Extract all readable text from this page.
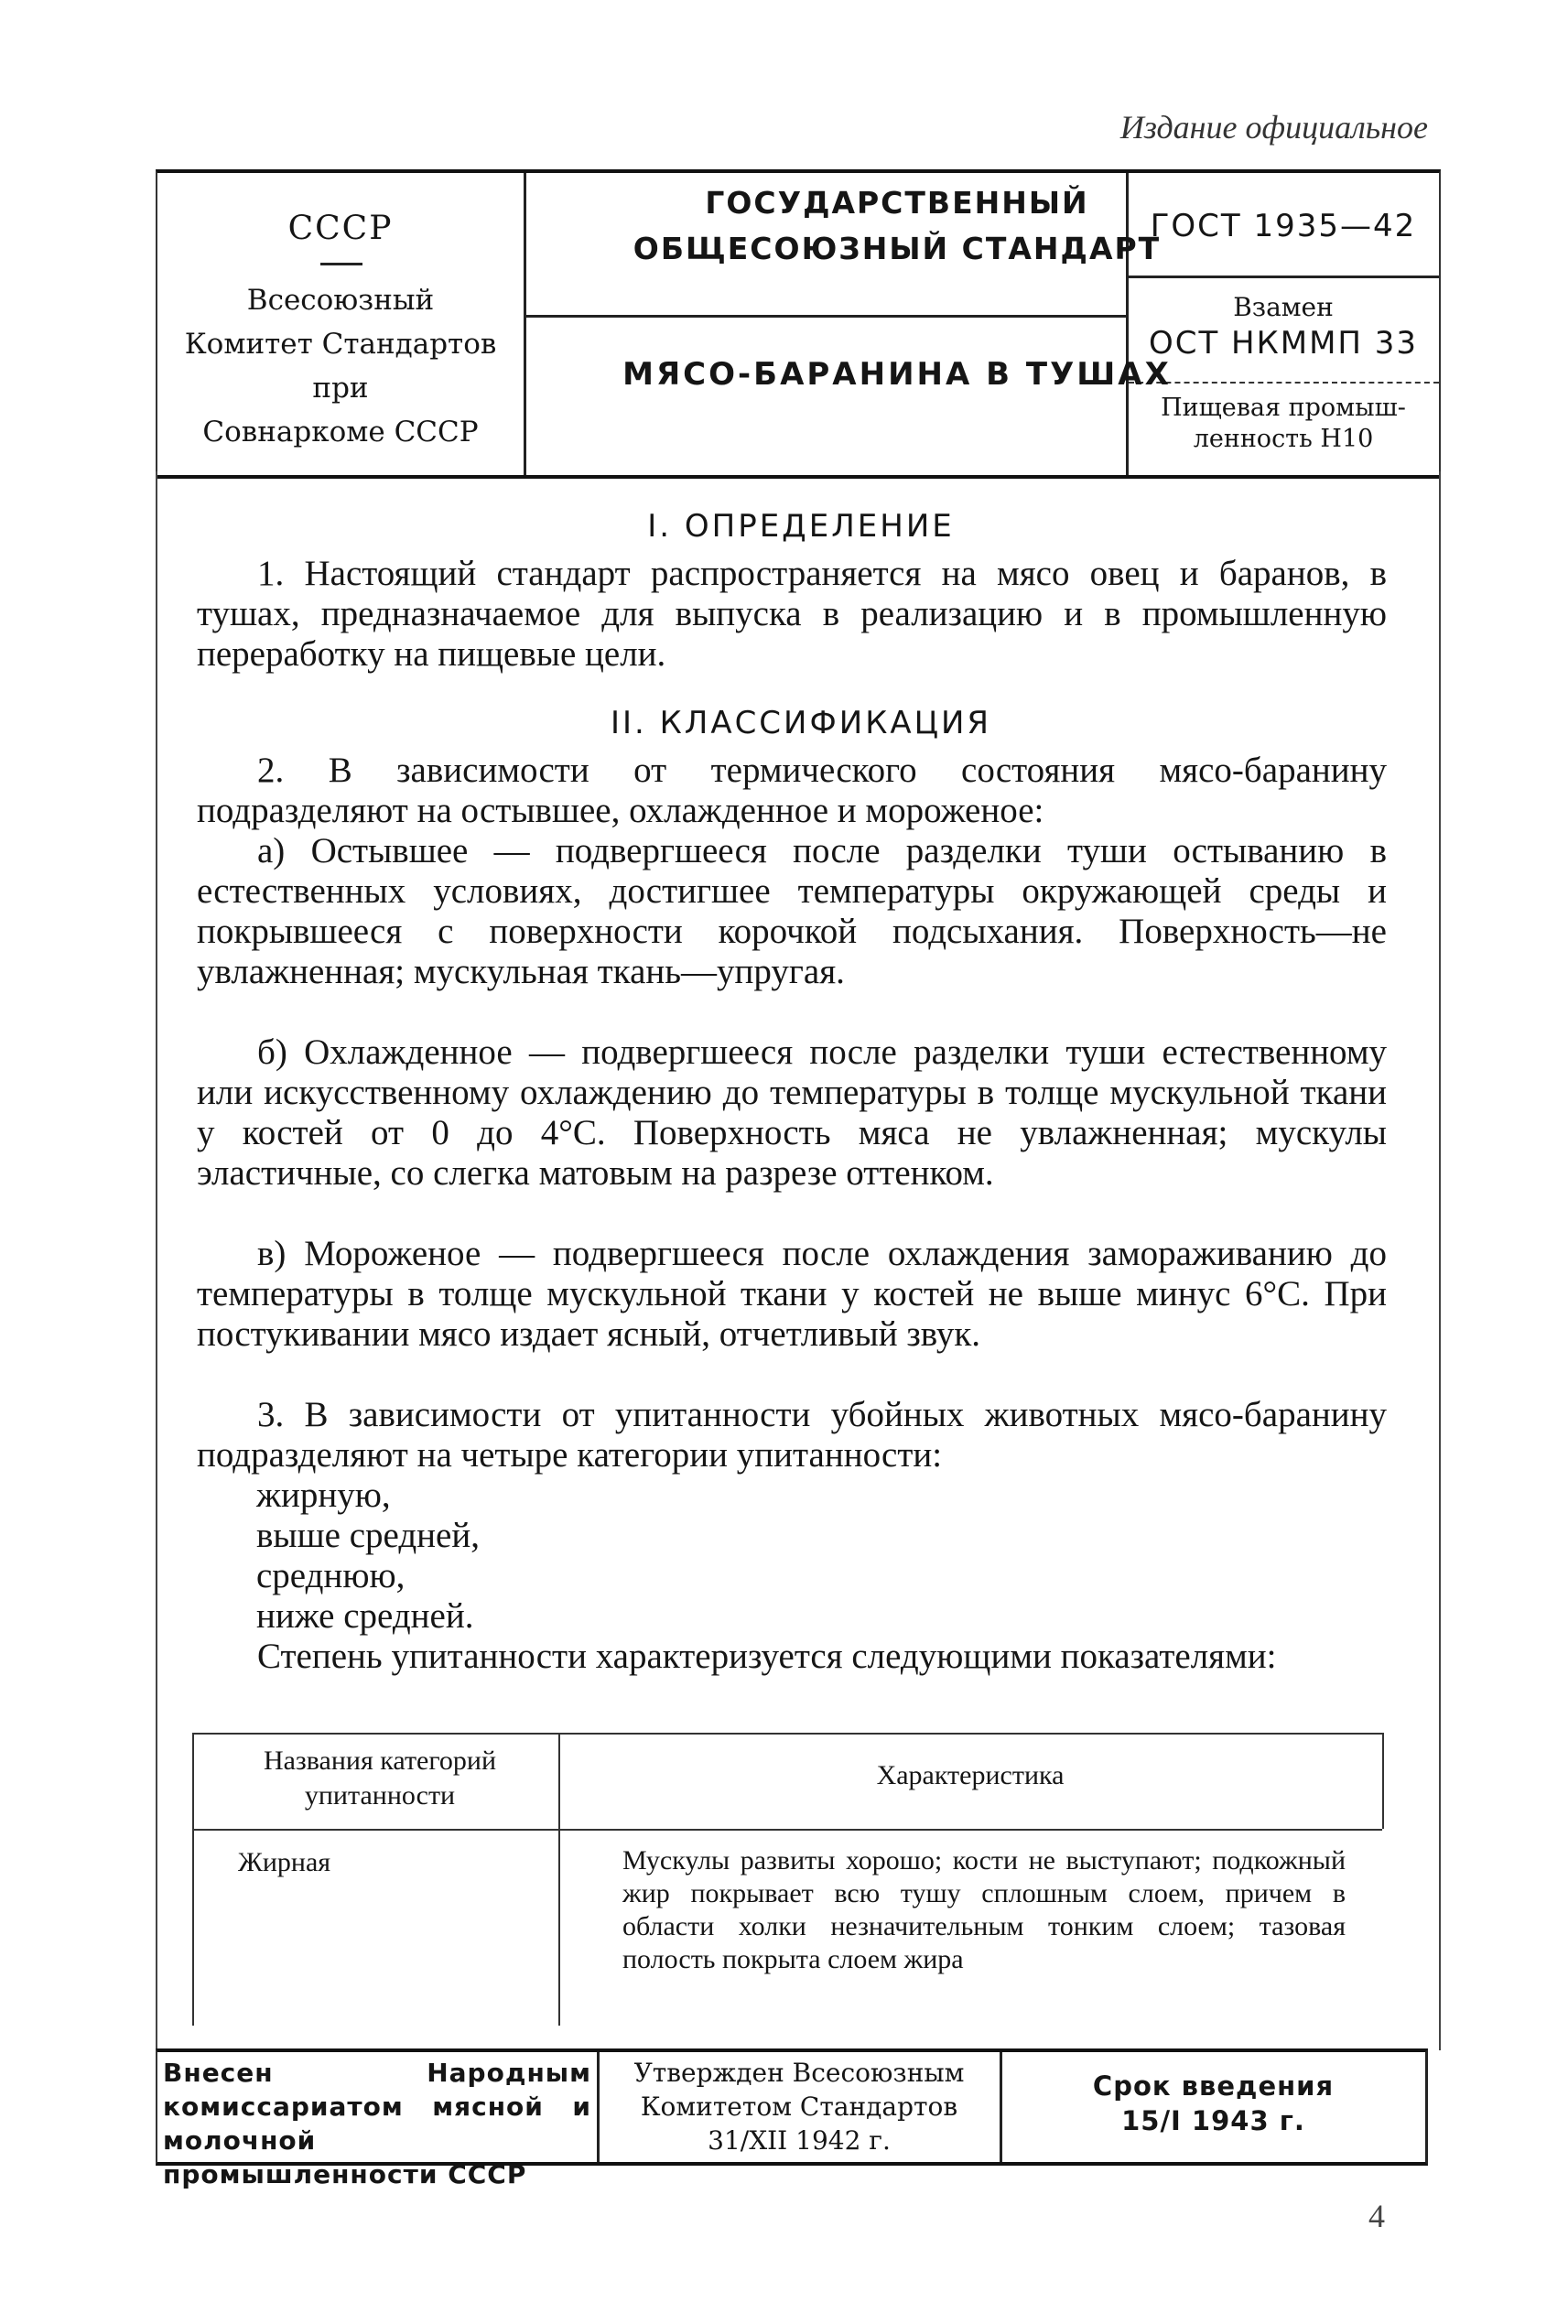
Издание официальное
СССР
Всесоюзный
Комитет Стандартов
при
Совнаркоме СССР
ГОСУДАРСТВЕННЫЙ
ОБЩЕСОЮЗНЫЙ СТАНДАРТ
МЯСО-БАРАНИНА В ТУШАХ
ГОСТ 1935—42
Взамен
ОСТ НКММП 33
Пищевая промыш-
ленность Н10
I. ОПРЕДЕЛЕНИЕ
1. Настоящий стандарт распространяется на мясо овец и баранов, в тушах, предназначаемое для выпуска в реализацию и в промышленную переработку на пищевые цели.
II. КЛАССИФИКАЦИЯ
2. В зависимости от термического состояния мясо-баранину подразделяют на остывшее, охлажденное и мороженое:
а) Остывшее — подвергшееся после разделки туши остыванию в естественных условиях, достигшее температуры окружающей среды и покрывшееся с поверхности корочкой подсыхания. Поверхность—не увлажненная; мускульная ткань—упругая.
б) Охлажденное — подвергшееся после разделки туши естественному или искусственному охлаждению до температуры в толще мускульной ткани у костей от 0 до 4°С. Поверхность мяса не увлажненная; мускулы эластичные, со слегка матовым на разрезе оттенком.
в) Мороженое — подвергшееся после охлаждения замораживанию до температуры в толще мускульной ткани у костей не выше минус 6°С. При постукивании мясо издает ясный, отчетливый звук.
3. В зависимости от упитанности убойных животных мясо-баранину подразделяют на четыре категории упитанности:
жирную,
выше средней,
среднюю,
ниже средней.
Степень упитанности характеризуется следующими показателями:
Названия категорий упитанности
Характеристика
Жирная	Мускулы развиты хорошо; кости не выступают; подкожный жир покрывает всю тушу сплошным слоем, причем в области холки незначительным тонким слоем; тазовая полость покрыта слоем жира
Внесен Народным комиссариатом мясной и молочной промышленности СССР
Утвержден Всесоюзным
Комитетом Стандартов
31/XII 1942 г.
Срок введения
15/I 1943 г.
4
